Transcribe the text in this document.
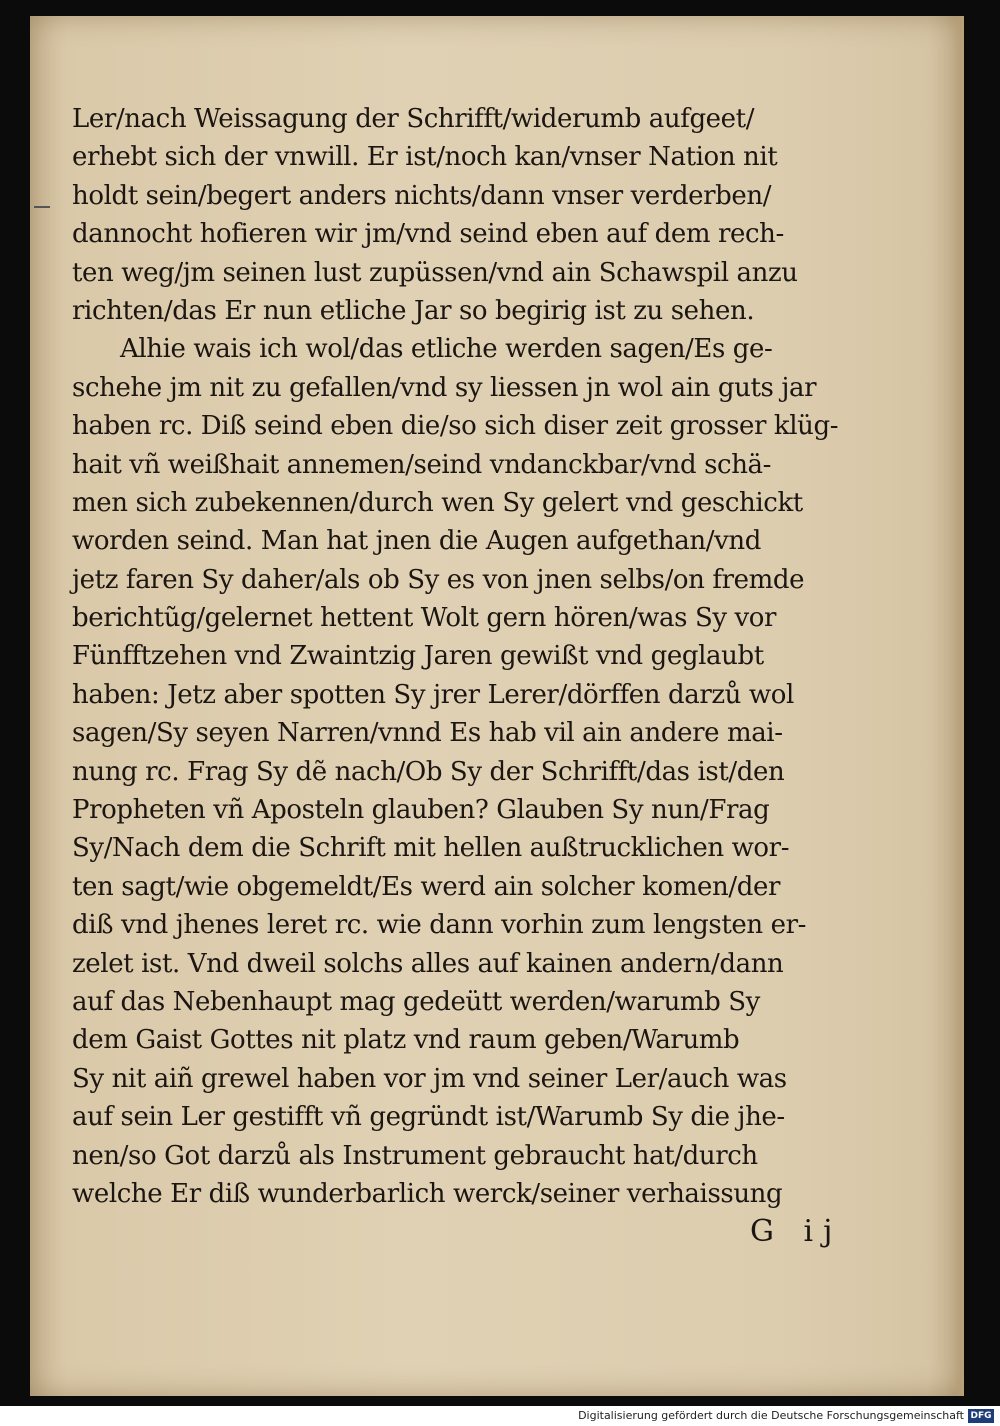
Ler/nach Weissagung der Schrifft/widerumb aufgeet/
erhebt sich der vnwill. Er ist/noch kan/vnser Nation nit
holdt sein/begert anders nichts/dann vnser verderben/
dannocht hofieren wir jm/vnd seind eben auf dem rech-
ten weg/jm seinen lust zupüssen/vnd ain Schawspil anzu
richten/das Er nun etliche Jar so begirig ist zu sehen.
Alhie wais ich wol/das etliche werden sagen/Es ge-
schehe jm nit zu gefallen/vnd sy liessen jn wol ain guts jar
haben rc. Diß seind eben die/so sich diser zeit grosser klüg-
hait vñ weißhait annemen/seind vndanckbar/vnd schä-
men sich zubekennen/durch wen Sy gelert vnd geschickt
worden seind. Man hat jnen die Augen aufgethan/vnd
jetz faren Sy daher/als ob Sy es von jnen selbs/on fremde
berichtũg/gelernet hettent Wolt gern hören/was Sy vor
Fünfftzehen vnd Zwaintzig Jaren gewißt vnd geglaubt
haben: Jetz aber spotten Sy jrer Lerer/dörffen darzů wol
sagen/Sy seyen Narren/vnnd Es hab vil ain andere mai-
nung rc. Frag Sy dẽ nach/Ob Sy der Schrifft/das ist/den
Propheten vñ Aposteln glauben? Glauben Sy nun/Frag
Sy/Nach dem die Schrift mit hellen außtrucklichen wor-
ten sagt/wie obgemeldt/Es werd ain solcher komen/der
diß vnd jhenes leret rc. wie dann vorhin zum lengsten er-
zelet ist. Vnd dweil solchs alles auf kainen andern/dann
auf das Nebenhaupt mag gedeütt werden/warumb Sy
dem Gaist Gottes nit platz vnd raum geben/Warumb
Sy nit aiñ grewel haben vor jm vnd seiner Ler/auch was
auf sein Ler gestifft vñ gegründt ist/Warumb Sy die jhe-
nen/so Got darzů als Instrument gebraucht hat/durch
welche Er diß wunderbarlich werck/seiner verhaissung
G ij
Digitalisierung gefördert durch die Deutsche Forschungsgemeinschaft DFG
